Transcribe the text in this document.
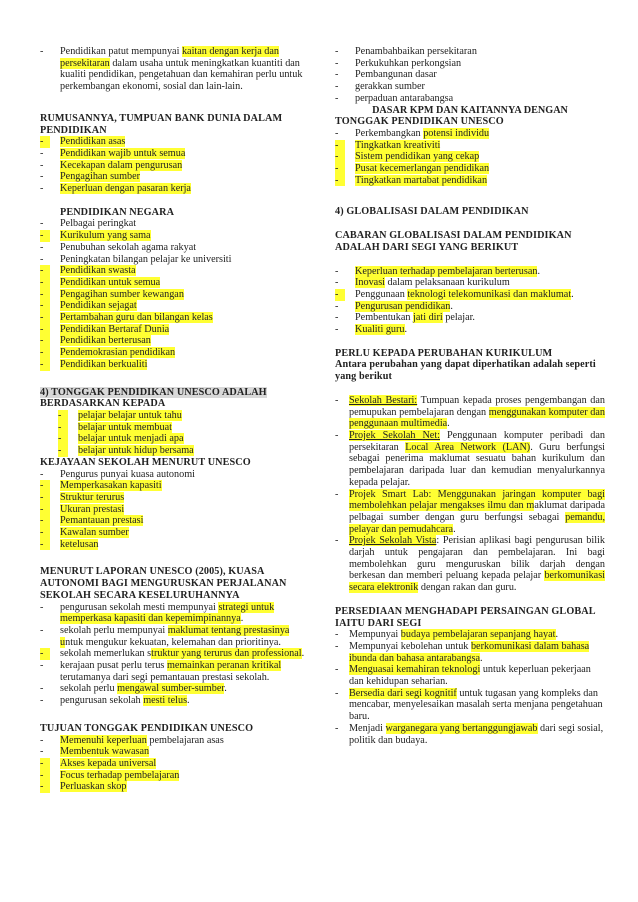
-	Pendidikan patut mempunyai kaitan dengan kerja dan persekitaran dalam usaha untuk meningkatkan kuantiti dan kualiti pendidikan, pengetahuan dan kemahiran perlu untuk perkembangan ekonomi, sosial dan lain-lain.

RUMUSANNYA, TUMPUAN BANK DUNIA DALAM PENDIDIKAN

-	Pendidikan asas
-	Pendidikan wajib untuk semua
-	Kecekapan dalam pengurusan
-	Pengagihan sumber
-	Keperluan dengan pasaran kerja

PENDIDIKAN NEGARA

-	Pelbagai peringkat
-	Kurikulum yang sama
-	Penubuhan sekolah agama rakyat
-	Peningkatan bilangan pelajar ke universiti
-	Pendidikan swasta
-	Pendidikan untuk semua
-	Pengagihan sumber kewangan
-	Pendidikan sejagat
-	Pertambahan guru dan bilangan kelas
-	Pendidikan Bertaraf Dunia
-	Pendidikan berterusan
-	Pendemokrasian pendidikan
-	Pendidikan berkualiti

4) TONGGAK PENDIDIKAN UNESCO ADALAH

BERDASARKAN KEPADA

-	pelajar belajar untuk tahu
-	belajar untuk membuat
-	belajar untuk menjadi apa
-	belajar untuk hidup bersama

KEJAYAAN SEKOLAH MENURUT UNESCO

-	Pengurus punyai kuasa autonomi
-	Memperkasakan kapasiti
-	Struktur terurus
-	Ukuran prestasi
-	Pemantauan prestasi
-	Kawalan sumber
-	ketelusan

MENURUT LAPORAN UNESCO (2005), KUASA AUTONOMI BAGI MENGURUSKAN PERJALANAN SEKOLAH SECARA KESELURUHANNYA

-	pengurusan sekolah mesti mempunyai strategi untuk memperkasa kapasiti dan kepemimpinannya.
-	sekolah perlu mempunyai maklumat tentang prestasinya untuk mengukur kekuatan, kelemahan dan prioritinya.
-	sekolah memerlukan struktur yang terurus dan professional.
-	kerajaan pusat perlu terus memainkan peranan kritikal terutamanya dari segi pemantauan prestasi sekolah.
-	sekolah perlu mengawal sumber-sumber.
-	pengurusan sekolah mesti telus.

TUJUAN TONGGAK PENDIDIKAN UNESCO

-	Memenuhi keperluan pembelajaran asas
-	Membentuk wawasan
-	Akses kepada universal
-	Focus terhadap pembelajaran
-	Perluaskan skop
-	Penambahbaikan persekitaran
-	Perkukuhkan perkongsian
-	Pembangunan dasar
-	gerakkan sumber
-	perpaduan antarabangsa

DASAR KPM DAN KAITANNYA DENGAN

TONGGAK PENDIDIKAN UNESCO

-	Perkembangkan potensi individu
-	Tingkatkan kreativiti
-	Sistem pendidikan yang cekap
-	Pusat kecemerlangan pendidikan
-	Tingkatkan martabat pendidikan

4) GLOBALISASI DALAM PENDIDIKAN

CABARAN GLOBALISASI DALAM PENDIDIKAN ADALAH DARI SEGI YANG BERIKUT

-	Keperluan terhadap pembelajaran berterusan.
-	Inovasi dalam pelaksanaan kurikulum
-	Penggunaan teknologi telekomunikasi dan maklumat.
-	Pengurusan pendidikan.
-	Pembentukan jati diri pelajar.
-	Kualiti guru.

PERLU KEPADA PERUBAHAN KURIKULUM

Antara perubahan yang dapat diperhatikan adalah seperti yang berikut

-	Sekolah Bestari: Tumpuan kepada proses pengembangan dan pemupukan pembelajaran dengan menggunakan komputer dan penggunaan multimedia.
-	Projek Sekolah Net: Penggunaan komputer peribadi dan persekitaran Local Area Network (LAN). Guru berfungsi sebagai penerima maklumat sesuatu bahan kurikulum dan pembelajaran daripada luar dan kemudian menyalurkannya kepada pelajar.
-	Projek Smart Lab: Menggunakan jaringan komputer bagi membolehkan pelajar mengakses ilmu dan maklumat daripada pelbagai sumber dengan guru berfungsi sebagai pemandu, pelayar dan pemudahcara.
-	Projek Sekolah Vista: Perisian aplikasi bagi pengurusan bilik darjah untuk pengajaran dan pembelajaran. Ini bagi membolehkan guru menguruskan bilik darjah dengan berkesan dan memberi peluang kepada pelajar berkomunikasi secara elektronik dengan rakan dan guru.

PERSEDIAAN MENGHADAPI PERSAINGAN GLOBAL IAITU DARI SEGI

-	Mempunyai budaya pembelajaran sepanjang hayat.
-	Mempunyai kebolehan untuk berkomunikasi dalam bahasa ibunda dan bahasa antarabangsa.
-	Menguasai kemahiran teknologi untuk keperluan pekerjaan dan kehidupan seharian.
-	Bersedia dari segi kognitif untuk tugasan yang kompleks dan mencabar, menyelesaikan masalah serta menjana pengetahuan baru.
-	Menjadi warganegara yang bertanggungjawab dari segi sosial, politik dan budaya.
